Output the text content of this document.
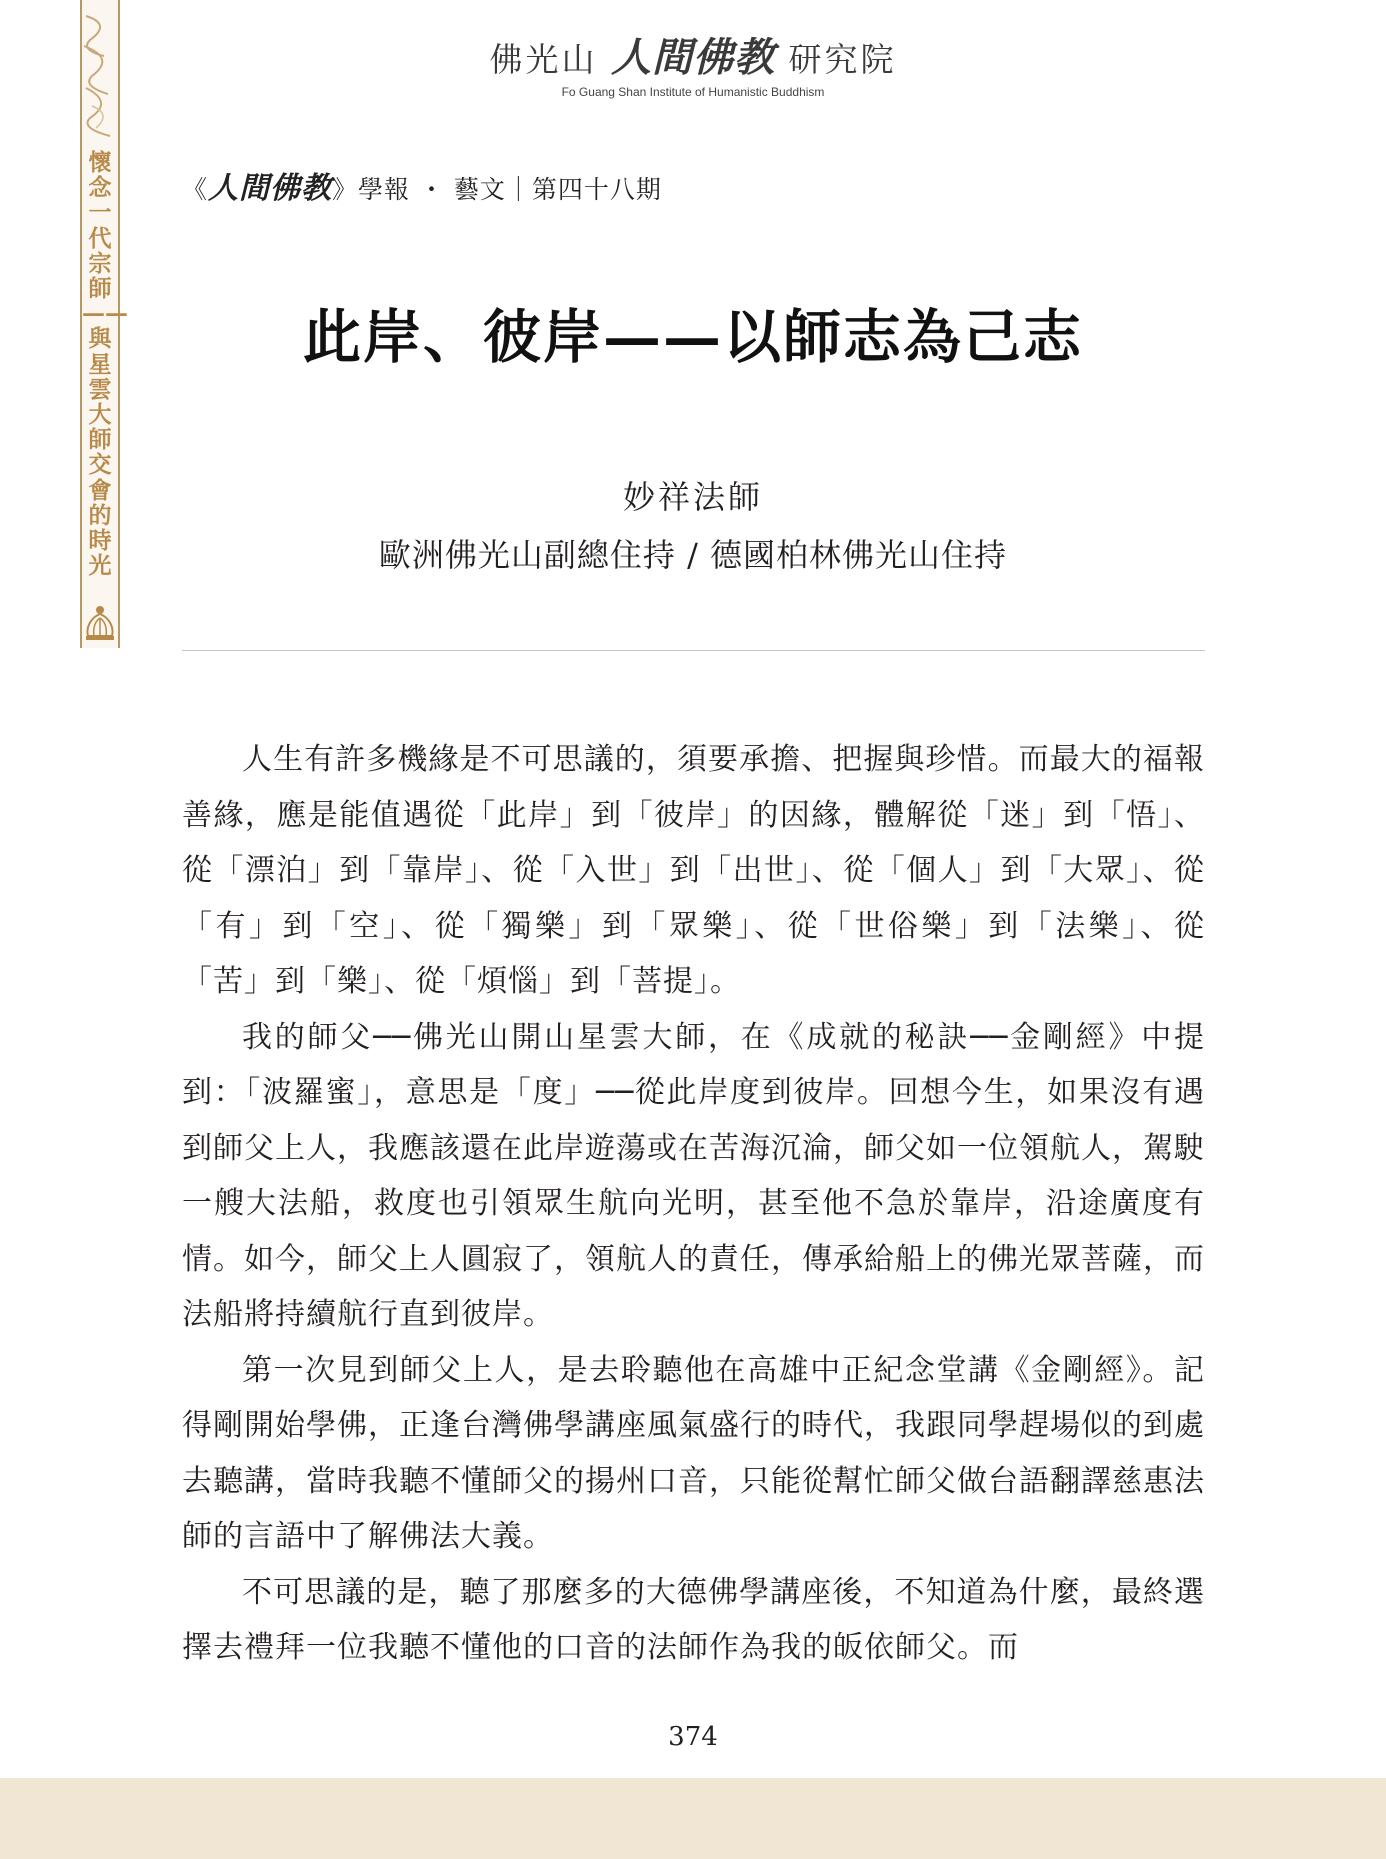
懷念一代宗師——與星雲大師交會的時光
佛光山 人間佛教 研究院
Fo Guang Shan Institute of Humanistic Buddhism
《人間佛教》學報 ・ 藝文｜第四十八期
此岸、彼岸——以師志為己志
妙祥法師
歐洲佛光山副總住持 / 德國柏林佛光山住持

人生有許多機緣是不可思議的，須要承擔、把握與珍惜。而最大的福報善緣，應是能值遇從「此岸」到「彼岸」的因緣，體解從「迷」到「悟」、從「漂泊」到「靠岸」、從「入世」到「出世」、從「個人」到「大眾」、從「有」到「空」、從「獨樂」到「眾樂」、從「世俗樂」到「法樂」、從「苦」到「樂」、從「煩惱」到「菩提」。

我的師父──佛光山開山星雲大師，在《成就的秘訣──金剛經》中提到：「波羅蜜」，意思是「度」──從此岸度到彼岸。回想今生，如果沒有遇到師父上人，我應該還在此岸遊蕩或在苦海沉淪，師父如一位領航人，駕駛一艘大法船，救度也引領眾生航向光明，甚至他不急於靠岸，沿途廣度有情。如今，師父上人圓寂了，領航人的責任，傳承給船上的佛光眾菩薩，而法船將持續航行直到彼岸。

第一次見到師父上人，是去聆聽他在高雄中正紀念堂講《金剛經》。記得剛開始學佛，正逢台灣佛學講座風氣盛行的時代，我跟同學趕場似的到處去聽講，當時我聽不懂師父的揚州口音，只能從幫忙師父做台語翻譯慈惠法師的言語中了解佛法大義。

不可思議的是，聽了那麼多的大德佛學講座後，不知道為什麼，最終選擇去禮拜一位我聽不懂他的口音的法師作為我的皈依師父。而

374
